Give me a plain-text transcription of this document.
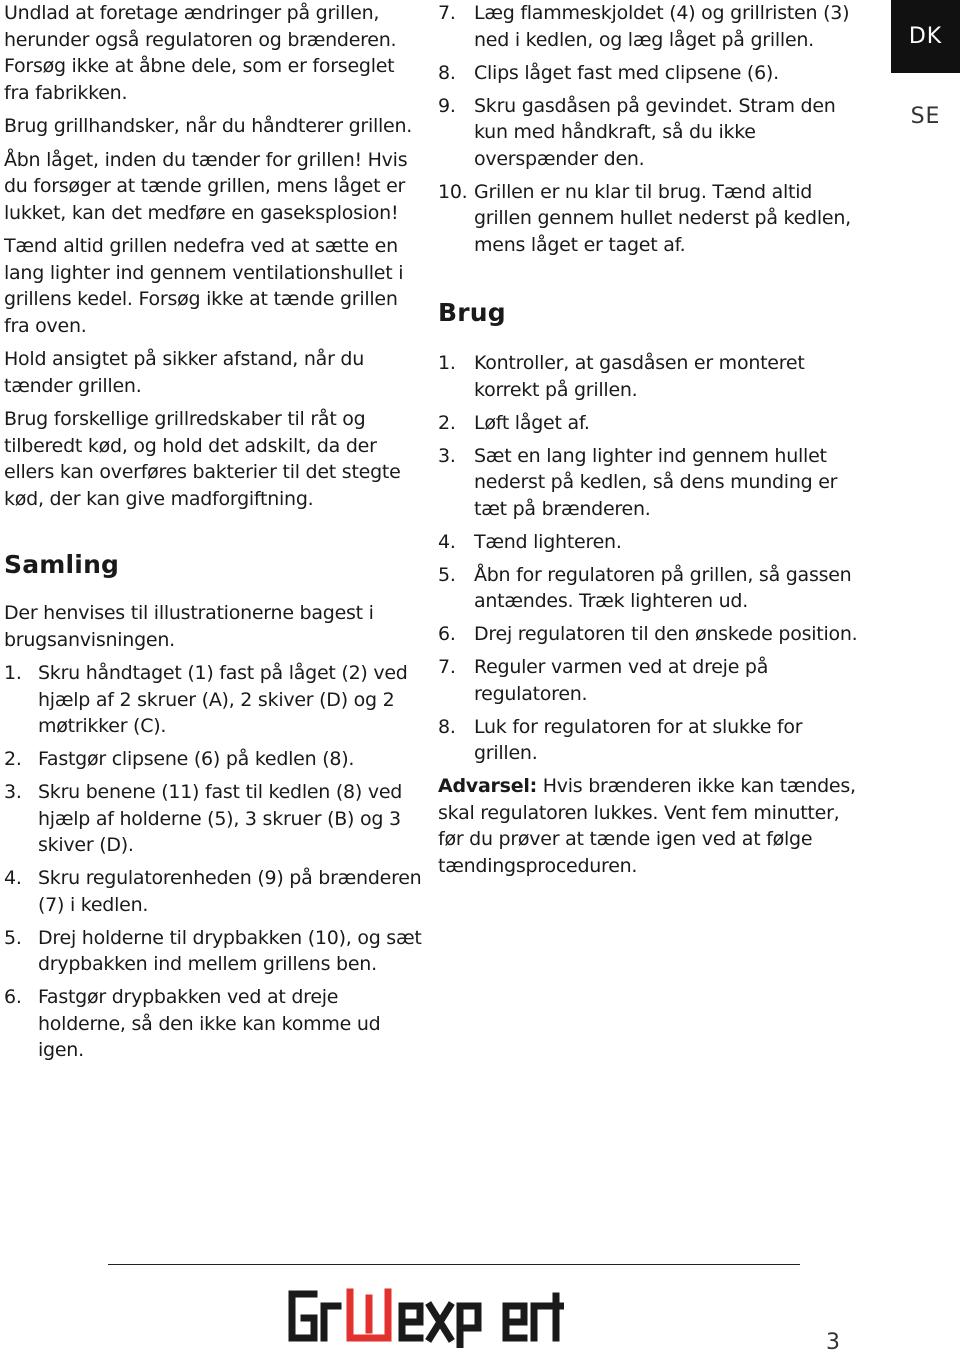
Undlad at foretage ændringer på grillen, herunder også regulatoren og brænderen. Forsøg ikke at åbne dele, som er forseglet fra fabrikken.

Brug grillhandsker, når du håndterer grillen.

Åbn låget, inden du tænder for grillen! Hvis du forsøger at tænde grillen, mens låget er lukket, kan det medføre en gaseksplosion!

Tænd altid grillen nedefra ved at sætte en lang lighter ind gennem ventilationshullet i grillens kedel. Forsøg ikke at tænde grillen fra oven.

Hold ansigtet på sikker afstand, når du tænder grillen.

Brug forskellige grillredskaber til råt og tilberedt kød, og hold det adskilt, da der ellers kan overføres bakterier til det stegte kød, der kan give madforgiftning.

Samling

Der henvises til illustrationerne bagest i brugsanvisningen.

1. Skru håndtaget (1) fast på låget (2) ved hjælp af 2 skruer (A), 2 skiver (D) og 2 møtrikker (C).
2. Fastgør clipsene (6) på kedlen (8).
3. Skru benene (11) fast til kedlen (8) ved hjælp af holderne (5), 3 skruer (B) og 3 skiver (D).
4. Skru regulatorenheden (9) på brænderen (7) i kedlen.
5. Drej holderne til drypbakken (10), og sæt drypbakken ind mellem grillens ben.
6. Fastgør drypbakken ved at dreje holderne, så den ikke kan komme ud igen.
7. Læg flammeskjoldet (4) og grillristen (3) ned i kedlen, og læg låget på grillen.
8. Clips låget fast med clipsene (6).
9. Skru gasdåsen på gevindet. Stram den kun med håndkraft, så du ikke overspænder den.
10. Grillen er nu klar til brug. Tænd altid grillen gennem hullet nederst på kedlen, mens låget er taget af.
Brug
1. Kontroller, at gasdåsen er monteret korrekt på grillen.
2. Løft låget af.
3. Sæt en lang lighter ind gennem hullet nederst på kedlen, så dens munding er tæt på brænderen.
4. Tænd lighteren.
5. Åbn for regulatoren på grillen, så gassen antændes. Træk lighteren ud.
6. Drej regulatoren til den ønskede position.
7. Reguler varmen ved at dreje på regulatoren.
8. Luk for regulatoren for at slukke for grillen.

Advarsel: Hvis brænderen ikke kan tændes, skal regulatoren lukkes. Vent fem minutter, før du prøver at tænde igen ved at følge tændingsproceduren.

DK
SE
3
